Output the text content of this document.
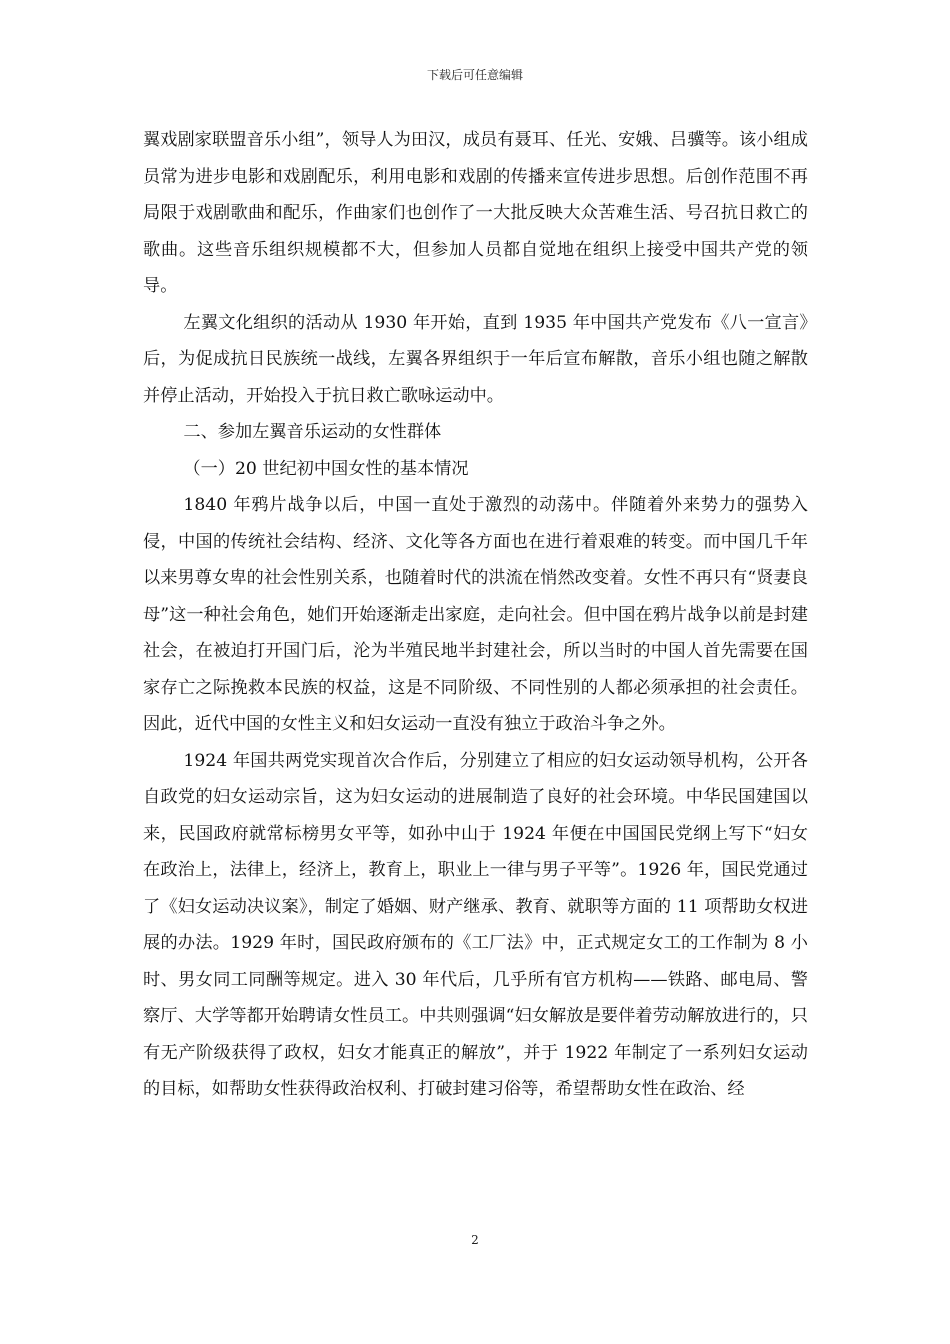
下载后可任意编辑

翼戏剧家联盟音乐小组”，领导人为田汉，成员有聂耳、任光、安娥、吕骥等。该小组成员常为进步电影和戏剧配乐，利用电影和戏剧的传播来宣传进步思想。后创作范围不再局限于戏剧歌曲和配乐，作曲家们也创作了一大批反映大众苦难生活、号召抗日救亡的歌曲。这些音乐组织规模都不大，但参加人员都自觉地在组织上接受中国共产党的领导。

左翼文化组织的活动从 1930 年开始，直到 1935 年中国共产党发布《八一宣言》后，为促成抗日民族统一战线，左翼各界组织于一年后宣布解散，音乐小组也随之解散并停止活动，开始投入于抗日救亡歌咏运动中。

二、参加左翼音乐运动的女性群体

（一）20 世纪初中国女性的基本情况

1840 年鸦片战争以后，中国一直处于激烈的动荡中。伴随着外来势力的强势入侵，中国的传统社会结构、经济、文化等各方面也在进行着艰难的转变。而中国几千年以来男尊女卑的社会性别关系，也随着时代的洪流在悄然改变着。女性不再只有“贤妻良母”这一种社会角色，她们开始逐渐走出家庭，走向社会。但中国在鸦片战争以前是封建社会，在被迫打开国门后，沦为半殖民地半封建社会，所以当时的中国人首先需要在国家存亡之际挽救本民族的权益，这是不同阶级、不同性别的人都必须承担的社会责任。因此，近代中国的女性主义和妇女运动一直没有独立于政治斗争之外。

1924 年国共两党实现首次合作后，分别建立了相应的妇女运动领导机构，公开各自政党的妇女运动宗旨，这为妇女运动的进展制造了良好的社会环境。中华民国建国以来，民国政府就常标榜男女平等，如孙中山于 1924 年便在中国国民党纲上写下“妇女在政治上，法律上，经济上，教育上，职业上一律与男子平等”。1926 年，国民党通过了《妇女运动决议案》，制定了婚姻、财产继承、教育、就职等方面的 11 项帮助女权进展的办法。1929 年时，国民政府颁布的《工厂法》中，正式规定女工的工作制为 8 小时、男女同工同酬等规定。进入 30 年代后，几乎所有官方机构——铁路、邮电局、警察厅、大学等都开始聘请女性员工。中共则强调“妇女解放是要伴着劳动解放进行的，只有无产阶级获得了政权，妇女才能真正的解放”，并于 1922 年制定了一系列妇女运动的目标，如帮助女性获得政治权利、打破封建习俗等，希望帮助女性在政治、经

2
